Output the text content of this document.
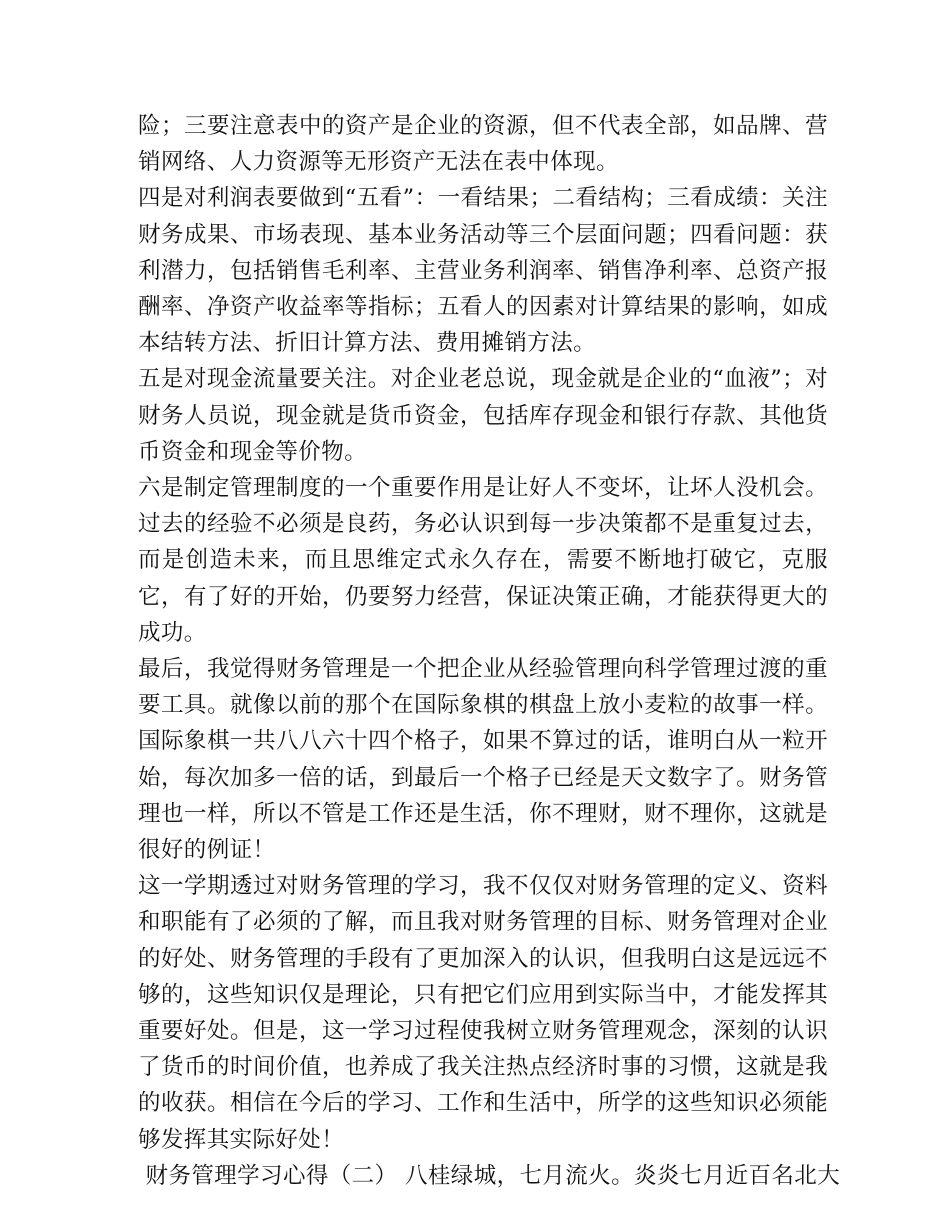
险；三要注意表中的资产是企业的资源，但不代表全部，如品牌、营销网络、人力资源等无形资产无法在表中体现。

四是对利润表要做到“五看”：一看结果；二看结构；三看成绩：关注财务成果、市场表现、基本业务活动等三个层面问题；四看问题：获利潜力，包括销售毛利率、主营业务利润率、销售净利率、总资产报酬率、净资产收益率等指标；五看人的因素对计算结果的影响，如成本结转方法、折旧计算方法、费用摊销方法。

五是对现金流量要关注。对企业老总说，现金就是企业的“血液”；对财务人员说，现金就是货币资金，包括库存现金和银行存款、其他货币资金和现金等价物。

六是制定管理制度的一个重要作用是让好人不变坏，让坏人没机会。过去的经验不必须是良药，务必认识到每一步决策都不是重复过去，而是创造未来，而且思维定式永久存在，需要不断地打破它，克服它，有了好的开始，仍要努力经营，保证决策正确，才能获得更大的成功。

最后，我觉得财务管理是一个把企业从经验管理向科学管理过渡的重要工具。就像以前的那个在国际象棋的棋盘上放小麦粒的故事一样。国际象棋一共八八六十四个格子，如果不算过的话，谁明白从一粒开始，每次加多一倍的话，到最后一个格子已经是天文数字了。财务管理也一样，所以不管是工作还是生活，你不理财，财不理你，这就是很好的例证！

这一学期透过对财务管理的学习，我不仅仅对财务管理的定义、资料和职能有了必须的了解，而且我对财务管理的目标、财务管理对企业的好处、财务管理的手段有了更加深入的认识，但我明白这是远远不够的，这些知识仅是理论，只有把它们应用到实际当中，才能发挥其重要好处。但是，这一学习过程使我树立财务管理观念，深刻的认识了货币的时间价值，也养成了我关注热点经济时事的习惯，这就是我的收获。相信在今后的学习、工作和生活中，所学的这些知识必须能够发挥其实际好处！

财务管理学习心得（二） 八桂绿城，七月流火。炎炎七月近百名北大
